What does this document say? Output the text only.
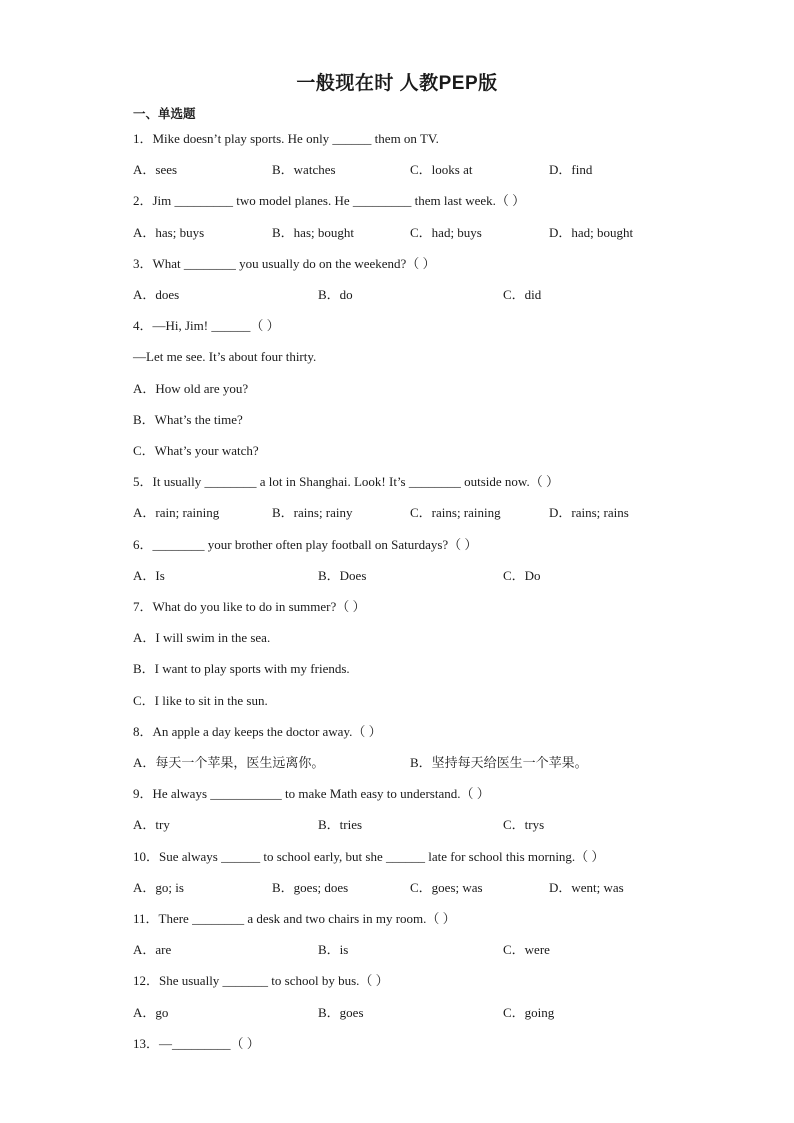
一般现在时 人教PEP版
一、单选题
1．Mike doesn’t play sports. He only ______ them on TV.
A．sees	B．watches	C．looks at	D．find
2．Jim _________ two model planes. He _________ them last week.（ ）
A．has; buys	B．has; bought	C．had; buys	D．had; bought
3．What ________ you usually do on the weekend?（ ）
A．does	B．do	C．did
4．—Hi, Jim! ______（ ）
—Let me see. It’s about four thirty.
A．How old are you?
B．What’s the time?
C．What’s your watch?
5．It usually ________ a lot in Shanghai. Look! It’s ________ outside now.（ ）
A．rain; raining	B．rains; rainy	C．rains; raining	D．rains; rains
6．________ your brother often play football on Saturdays?（ ）
A．Is	B．Does	C．Do
7．What do you like to do in summer?（ ）
A．I will swim in the sea.
B．I want to play sports with my friends.
C．I like to sit in the sun.
8．An apple a day keeps the doctor away.（ ）
A．每天一个苹果，医生远离你。	B．坚持每天给医生一个苹果。
9．He always ___________ to make Math easy to understand.（ ）
A．try	B．tries	C．trys
10．Sue always ______ to school early, but she ______ late for school this morning.（ ）
A．go; is	B．goes; does	C．goes; was	D．went; was
11．There ________ a desk and two chairs in my room.（ ）
A．are	B．is	C．were
12．She usually _______ to school by bus.（ ）
A．go	B．goes	C．going
13．—_________（ ）
